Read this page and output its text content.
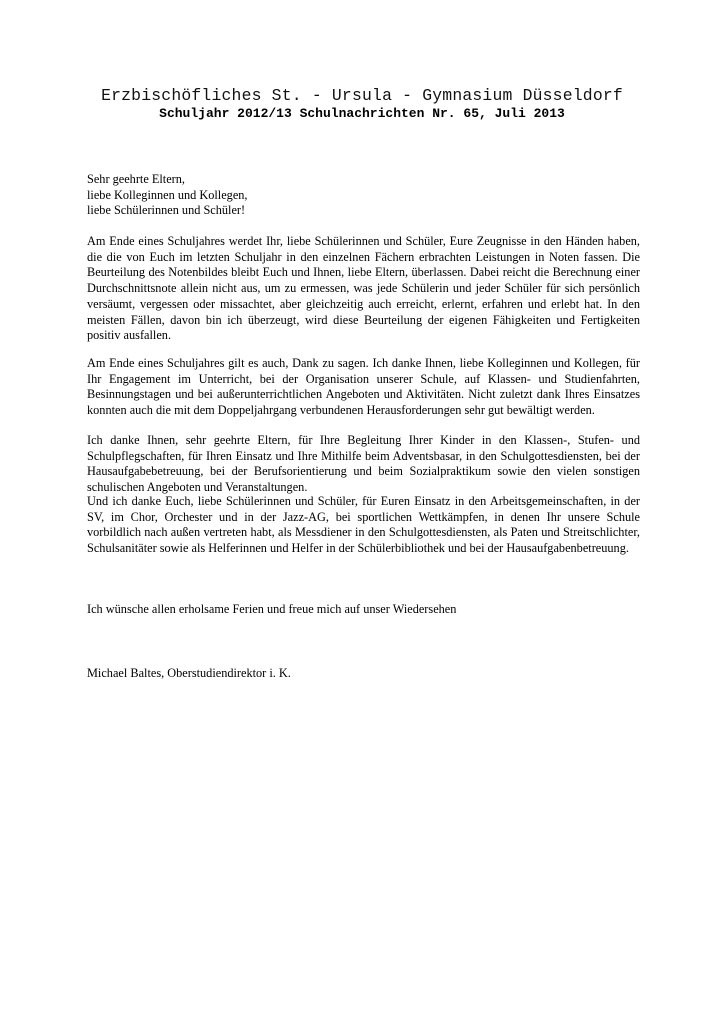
Erzbischöfliches St. - Ursula - Gymnasium Düsseldorf
Schuljahr 2012/13 Schulnachrichten Nr. 65, Juli 2013
Sehr geehrte Eltern,
liebe Kolleginnen und Kollegen,
liebe Schülerinnen und Schüler!
Am Ende eines Schuljahres werdet Ihr, liebe Schülerinnen und Schüler, Eure Zeugnisse in den Händen haben, die die von Euch im letzten Schuljahr in den einzelnen Fächern erbrachten Leistungen in Noten fassen. Die Beurteilung des Notenbildes bleibt Euch und Ihnen, liebe Eltern, überlassen. Dabei reicht die Berechnung einer Durchschnittsnote allein nicht aus, um zu ermessen, was jede Schülerin und jeder Schüler für sich persönlich versäumt, vergessen oder missachtet, aber gleichzeitig auch erreicht, erlernt, erfahren und erlebt hat. In den meisten Fällen, davon bin ich überzeugt, wird diese Beurteilung der eigenen Fähigkeiten und Fertigkeiten positiv ausfallen.
Am Ende eines Schuljahres gilt es auch, Dank zu sagen. Ich danke Ihnen, liebe Kolleginnen und Kollegen, für Ihr Engagement im Unterricht, bei der Organisation unserer Schule, auf Klassen- und Studienfahrten, Besinnungstagen und bei außerunterrichtlichen Angeboten und Aktivitäten. Nicht zuletzt dank Ihres Einsatzes konnten auch die mit dem Doppeljahrgang verbundenen Herausforderungen sehr gut bewältigt werden.
Ich danke Ihnen, sehr geehrte Eltern, für Ihre Begleitung Ihrer Kinder in den Klassen-, Stufen- und Schulpflegschaften, für Ihren Einsatz und Ihre Mithilfe beim Adventsbasar, in den Schulgottesdiensten, bei der Hausaufgabebetreuung, bei der Berufsorientierung und beim Sozialpraktikum sowie den vielen sonstigen schulischen Angeboten und Veranstaltungen.
Und ich danke Euch, liebe Schülerinnen und Schüler, für Euren Einsatz in den Arbeitsgemeinschaften, in der SV, im Chor, Orchester und in der Jazz-AG, bei sportlichen Wettkämpfen, in denen Ihr unsere Schule vorbildlich nach außen vertreten habt, als Messdiener in den Schulgottesdiensten, als Paten und Streitschlichter, Schulsanitäter sowie als Helferinnen und Helfer in der Schülerbibliothek und bei der Hausaufgabenbetreuung.
Ich wünsche allen erholsame Ferien und freue mich auf unser Wiedersehen
Michael Baltes, Oberstudiendirektor i. K.
